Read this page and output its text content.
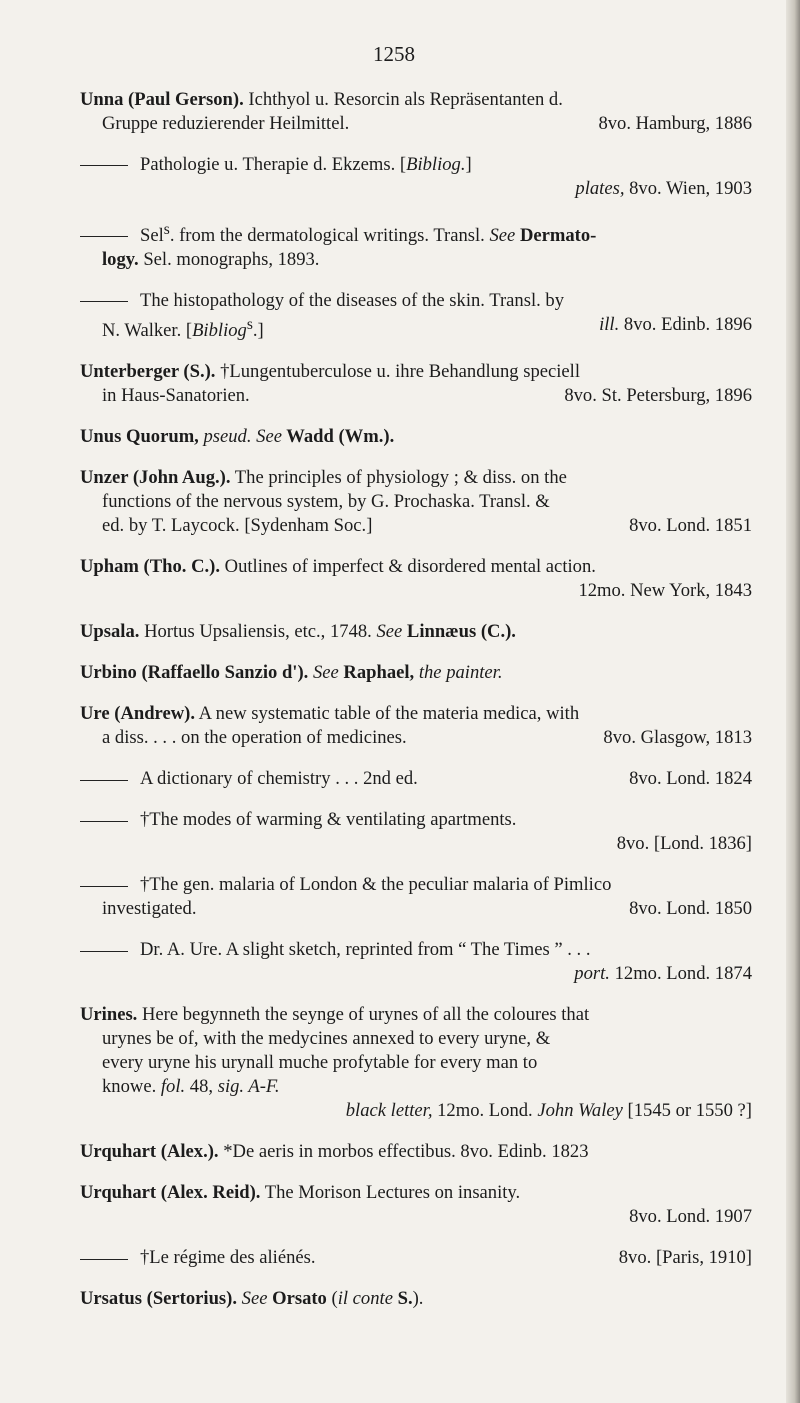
1258
Unna (Paul Gerson). Ichthyol u. Resorcin als Repräsentanten d.
Gruppe reduzierender Heilmittel.	8vo. Hamburg, 1886
Pathologie u. Therapie d. Ekzems. [Bibliog.]
plates, 8vo. Wien, 1903
Sel$^s$. from the dermatological writings. Transl. See Dermato-
logy. Sel. monographs, 1893.
The histopathology of the diseases of the skin. Transl. by
N. Walker. [Bibliog$^s$.]	ill. 8vo. Edinb. 1896
Unterberger (S.). †Lungentuberculose u. ihre Behandlung speciell
in Haus-Sanatorien.	8vo. St. Petersburg, 1896
Unus Quorum, pseud. See Wadd (Wm.).
Unzer (John Aug.). The principles of physiology ; & diss. on the
functions of the nervous system, by G. Prochaska. Transl. &
ed. by T. Laycock. [Sydenham Soc.]	8vo. Lond. 1851
Upham (Tho. C.). Outlines of imperfect & disordered mental action.
12mo. New York, 1843
Upsala. Hortus Upsaliensis, etc., 1748. See Linnæus (C.).
Urbino (Raffaello Sanzio d'). See Raphael, the painter.
Ure (Andrew). A new systematic table of the materia medica, with
a diss. . . . on the operation of medicines.	8vo. Glasgow, 1813
A dictionary of chemistry . . . 2nd ed.	8vo. Lond. 1824
†The modes of warming & ventilating apartments.
8vo. [Lond. 1836]
†The gen. malaria of London & the peculiar malaria of Pimlico
investigated.	8vo. Lond. 1850
Dr. A. Ure. A slight sketch, reprinted from “ The Times ” . . .
port. 12mo. Lond. 1874
Urines. Here begynneth the seynge of urynes of all the coloures that
urynes be of, with the medycines annexed to every uryne, &
every uryne his urynall muche profytable for every man to
knowe. fol. 48, sig. A-F.
black letter, 12mo. Lond. John Waley [1545 or 1550 ?]
Urquhart (Alex.). *De aeris in morbos effectibus. 8vo. Edinb. 1823
Urquhart (Alex. Reid). The Morison Lectures on insanity.
8vo. Lond. 1907
†Le régime des aliénés.	8vo. [Paris, 1910]
Ursatus (Sertorius). See Orsato (il conte S.).
